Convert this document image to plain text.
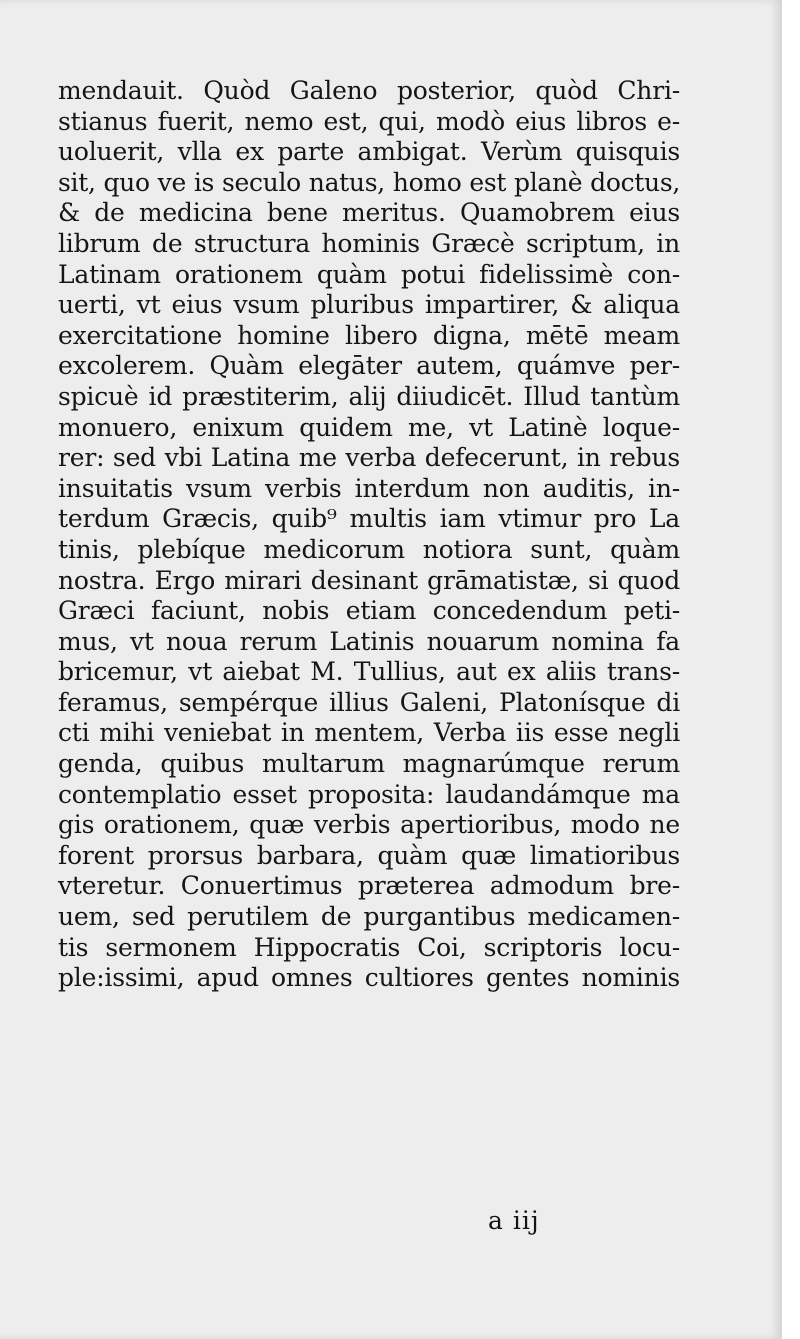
mendauit. Quòd Galeno posterior, quòd Chri-
stianus fuerit, nemo est, qui, modò eius libros e-
uoluerit, vlla ex parte ambigat. Verùm quisquis
sit, quo ve is seculo natus, homo est planè doctus,
& de medicina bene meritus. Quamobrem eius
librum de structura hominis Græcè scriptum, in
Latinam orationem quàm potui fidelissimè con-
uerti, vt eius vsum pluribus impartirer, & aliqua
exercitatione homine libero digna, mētē meam
excolerem. Quàm elegāter autem, quámve per-
spicuè id præstiterim, alij diiudicēt. Illud tantùm
monuero, enixum quidem me, vt Latinè loque-
rer: sed vbi Latina me verba defecerunt, in rebus
insuitatis vsum verbis interdum non auditis, in-
terdum Græcis, quib⁹ multis iam vtimur pro La
tinis, plebíque medicorum notiora sunt, quàm
nostra. Ergo mirari desinant grāmatistæ, si quod
Græci faciunt, nobis etiam concedendum peti-
mus, vt noua rerum Latinis nouarum nomina fa
bricemur, vt aiebat M. Tullius, aut ex aliis trans-
feramus, sempérque illius Galeni, Platonísque di
cti mihi veniebat in mentem, Verba iis esse negli
genda, quibus multarum magnarúmque rerum
contemplatio esset proposita: laudandámque ma
gis orationem, quæ verbis apertioribus, modo ne
forent prorsus barbara, quàm quæ limatioribus
vteretur. Conuertimus præterea admodum bre-
uem, sed perutilem de purgantibus medicamen-
tis sermonem Hippocratis Coi, scriptoris locu-
ple:issimi, apud omnes cultiores gentes nominis
a iij
